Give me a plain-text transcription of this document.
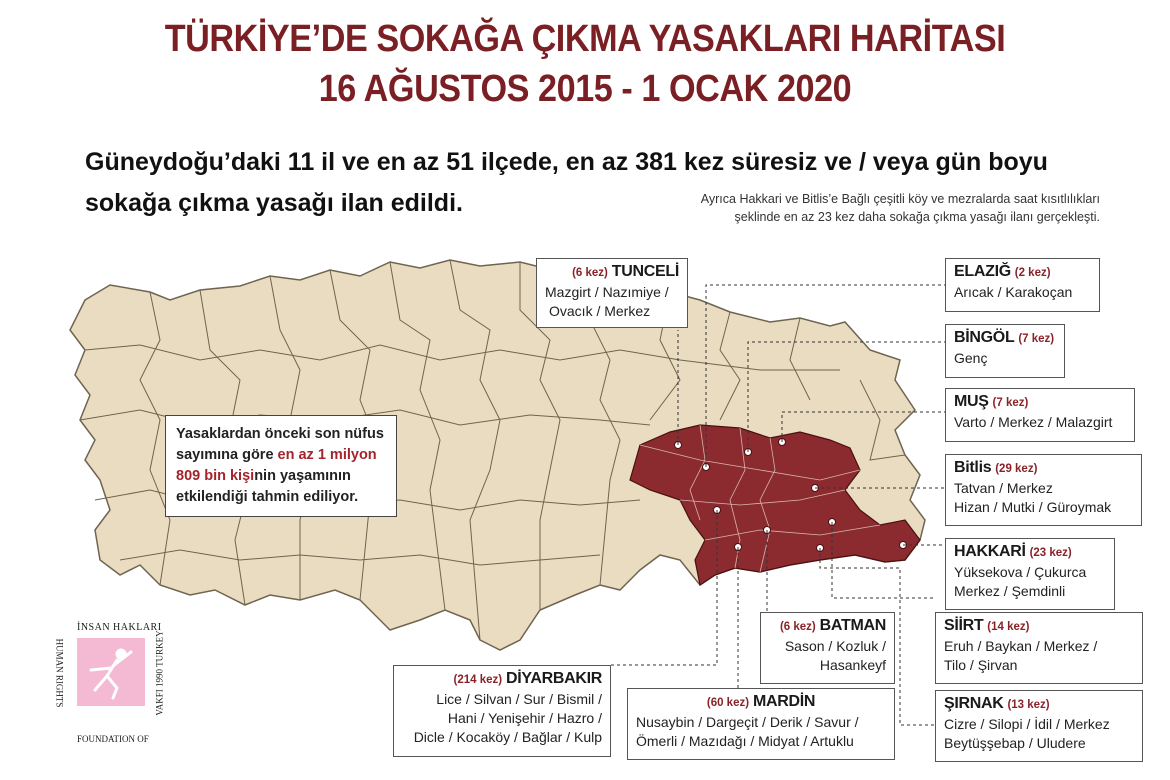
TÜRKİYE’DE SOKAĞA ÇIKMA YASAKLARI HARİTASI
16 AĞUSTOS 2015 - 1 OCAK 2020
Güneydoğu’daki 11 il ve en az 51 ilçede, en az 381 kez süresiz ve / veya gün boyu
sokağa çıkma yasağı ilan edildi.	Ayrıca Hakkari ve Bitlis’e Bağlı çeşitli köy ve mezralarda saat kısıtlılıkları
şeklinde en az 23 kez daha sokağa çıkma yasağı ilanı gerçekleşti.
(6 kez) TUNCELİ
Mazgirt / Nazımiye /
Ovacık / Merkez
ELAZIĞ (2 kez)
Arıcak / Karakoçan
BİNGÖL (7 kez)
Genç
MUŞ (7 kez)
Varto / Merkez / Malazgirt
Bitlis (29 kez)
Tatvan / Merkez
Hizan / Mutki / Güroymak
HAKKARİ (23 kez)
Yüksekova / Çukurca
Merkez / Şemdinli
SİİRT (14 kez)
Eruh / Baykan / Merkez /
Tilo / Şirvan
ŞIRNAK (13 kez)
Cizre / Silopi / İdil / Merkez
Beytüşşebap / Uludere
(60 kez) MARDİN
Nusaybin / Dargeçit / Derik / Savur /
Ömerli / Mazıdağı / Midyat / Artuklu
(6 kez) BATMAN
Sason / Kozluk /
Hasankeyf
(214 kez) DİYARBAKIR
Lice / Silvan / Sur / Bismil /
Hani / Yenişehir / Hazro /
Dicle / Kocaköy / Bağlar / Kulp
Yasaklardan önceki son nüfus sayımına göre en az 1 milyon 809 bin kişinin yaşamının etkilendiği tahmin ediliyor.
İNSAN HAKLARI
HUMAN RIGHTS	VAKFI 1990 TURKEY
FOUNDATION OF
